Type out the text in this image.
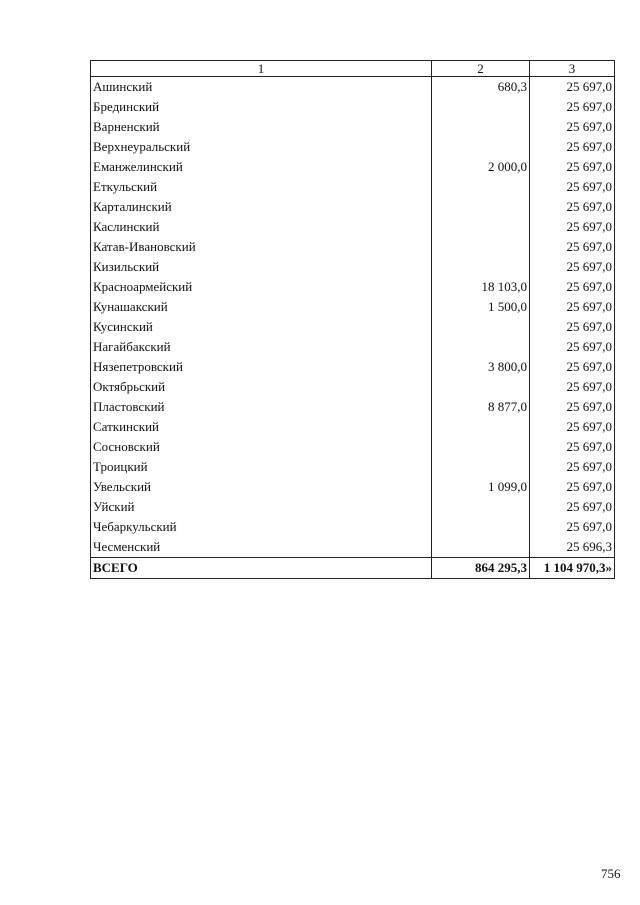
1	2	3
Ашинский	680,3	25 697,0
Брединский		25 697,0
Варненский		25 697,0
Верхнеуральский		25 697,0
Еманжелинский	2 000,0	25 697,0
Еткульский		25 697,0
Карталинский		25 697,0
Каслинский		25 697,0
Катав-Ивановский		25 697,0
Кизильский		25 697,0
Красноармейский	18 103,0	25 697,0
Кунашакский	1 500,0	25 697,0
Кусинский		25 697,0
Нагайбакский		25 697,0
Нязепетровский	3 800,0	25 697,0
Октябрьский		25 697,0
Пластовский	8 877,0	25 697,0
Саткинский		25 697,0
Сосновский		25 697,0
Троицкий		25 697,0
Увельский	1 099,0	25 697,0
Уйский		25 697,0
Чебаркульский		25 697,0
Чесменский		25 696,3
ВСЕГО	864 295,3	1 104 970,3»
756
